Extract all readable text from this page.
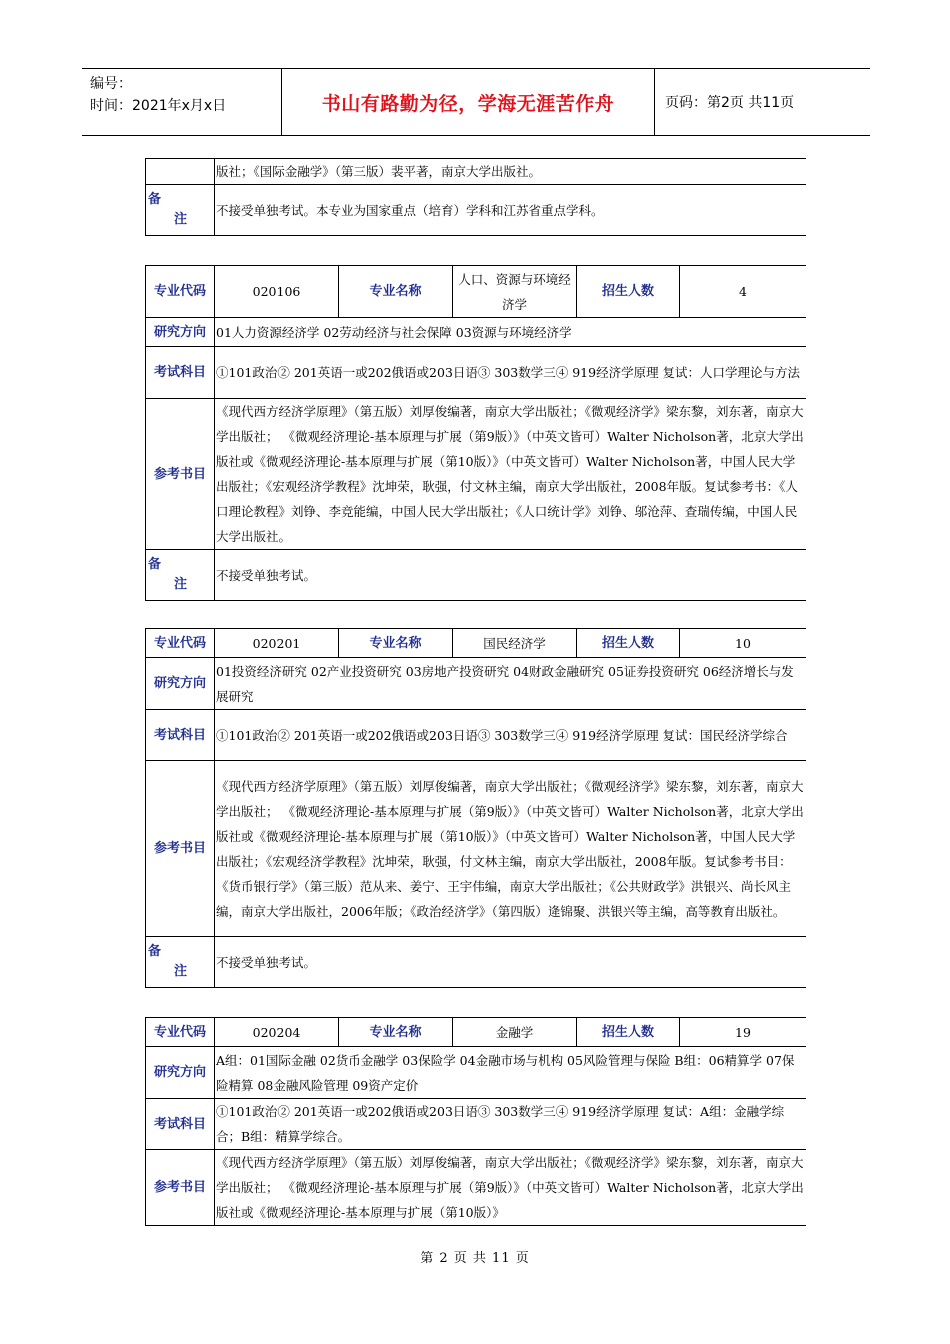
编号：
时间：2021年x月x日	书山有路勤为径，学海无涯苦作舟	页码：第2页 共11页
	版社；《国际金融学》（第三版）裴平著，南京大学出版社。

备
注	不接受单独考试。本专业为国家重点（培育）学科和江苏省重点学科。
专业代码	020106	专业名称	人口、资源与环境经济学	招生人数	4
研究方向	01人力资源经济学 02劳动经济与社会保障 03资源与环境经济学				
考试科目	①101政治② 201英语一或202俄语或203日语③ 303数学三④ 919经济学原理 复试：人口学理论与方法				
参考书目	《现代西方经济学原理》（第五版）刘厚俊编著，南京大学出版社；《微观经济学》梁东黎，刘东著，南京大学出版社； 《微观经济理论-基本原理与扩展（第9版）》（中英文皆可）Walter Nicholson著，北京大学出版社或《微观经济理论-基本原理与扩展（第10版）》（中英文皆可）Walter Nicholson著，中国人民大学出版社；《宏观经济学教程》沈坤荣，耿强，付文林主编，南京大学出版社，2008年版。复试参考书：《人口理论教程》刘铮、李竞能编，中国人民大学出版社；《人口统计学》刘铮、邬沧萍、查瑞传编，中国人民大学出版社。				

备
注	不接受单独考试。				
专业代码	020201	专业名称	国民经济学	招生人数	10
研究方向	01投资经济研究 02产业投资研究 03房地产投资研究 04财政金融研究 05证券投资研究 06经济增长与发展研究				
考试科目	①101政治② 201英语一或202俄语或203日语③ 303数学三④ 919经济学原理 复试：国民经济学综合				
参考书目	《现代西方经济学原理》（第五版）刘厚俊编著，南京大学出版社；《微观经济学》梁东黎，刘东著，南京大学出版社； 《微观经济理论-基本原理与扩展（第9版）》（中英文皆可）Walter Nicholson著，北京大学出版社或《微观经济理论-基本原理与扩展（第10版）》（中英文皆可）Walter Nicholson著，中国人民大学出版社；《宏观经济学教程》沈坤荣，耿强，付文林主编，南京大学出版社，2008年版。复试参考书目：《货币银行学》（第三版）范从来、姜宁、王宇伟编，南京大学出版社；《公共财政学》洪银兴、尚长风主编，南京大学出版社，2006年版；《政治经济学》（第四版）逄锦聚、洪银兴等主编，高等教育出版社。				

备
注	不接受单独考试。				
专业代码	020204	专业名称	金融学	招生人数	19
研究方向	A组：01国际金融 02货币金融学 03保险学 04金融市场与机构 05风险管理与保险 B组：06精算学 07保险精算 08金融风险管理 09资产定价				
考试科目	①101政治② 201英语一或202俄语或203日语③ 303数学三④ 919经济学原理 复试：A组：金融学综合；B组：精算学综合。				
参考书目	《现代西方经济学原理》（第五版）刘厚俊编著，南京大学出版社；《微观经济学》梁东黎，刘东著，南京大学出版社； 《微观经济理论-基本原理与扩展（第9版）》（中英文皆可）Walter Nicholson著，北京大学出版社或《微观经济理论-基本原理与扩展（第10版）》				
第 2 页 共 11 页
